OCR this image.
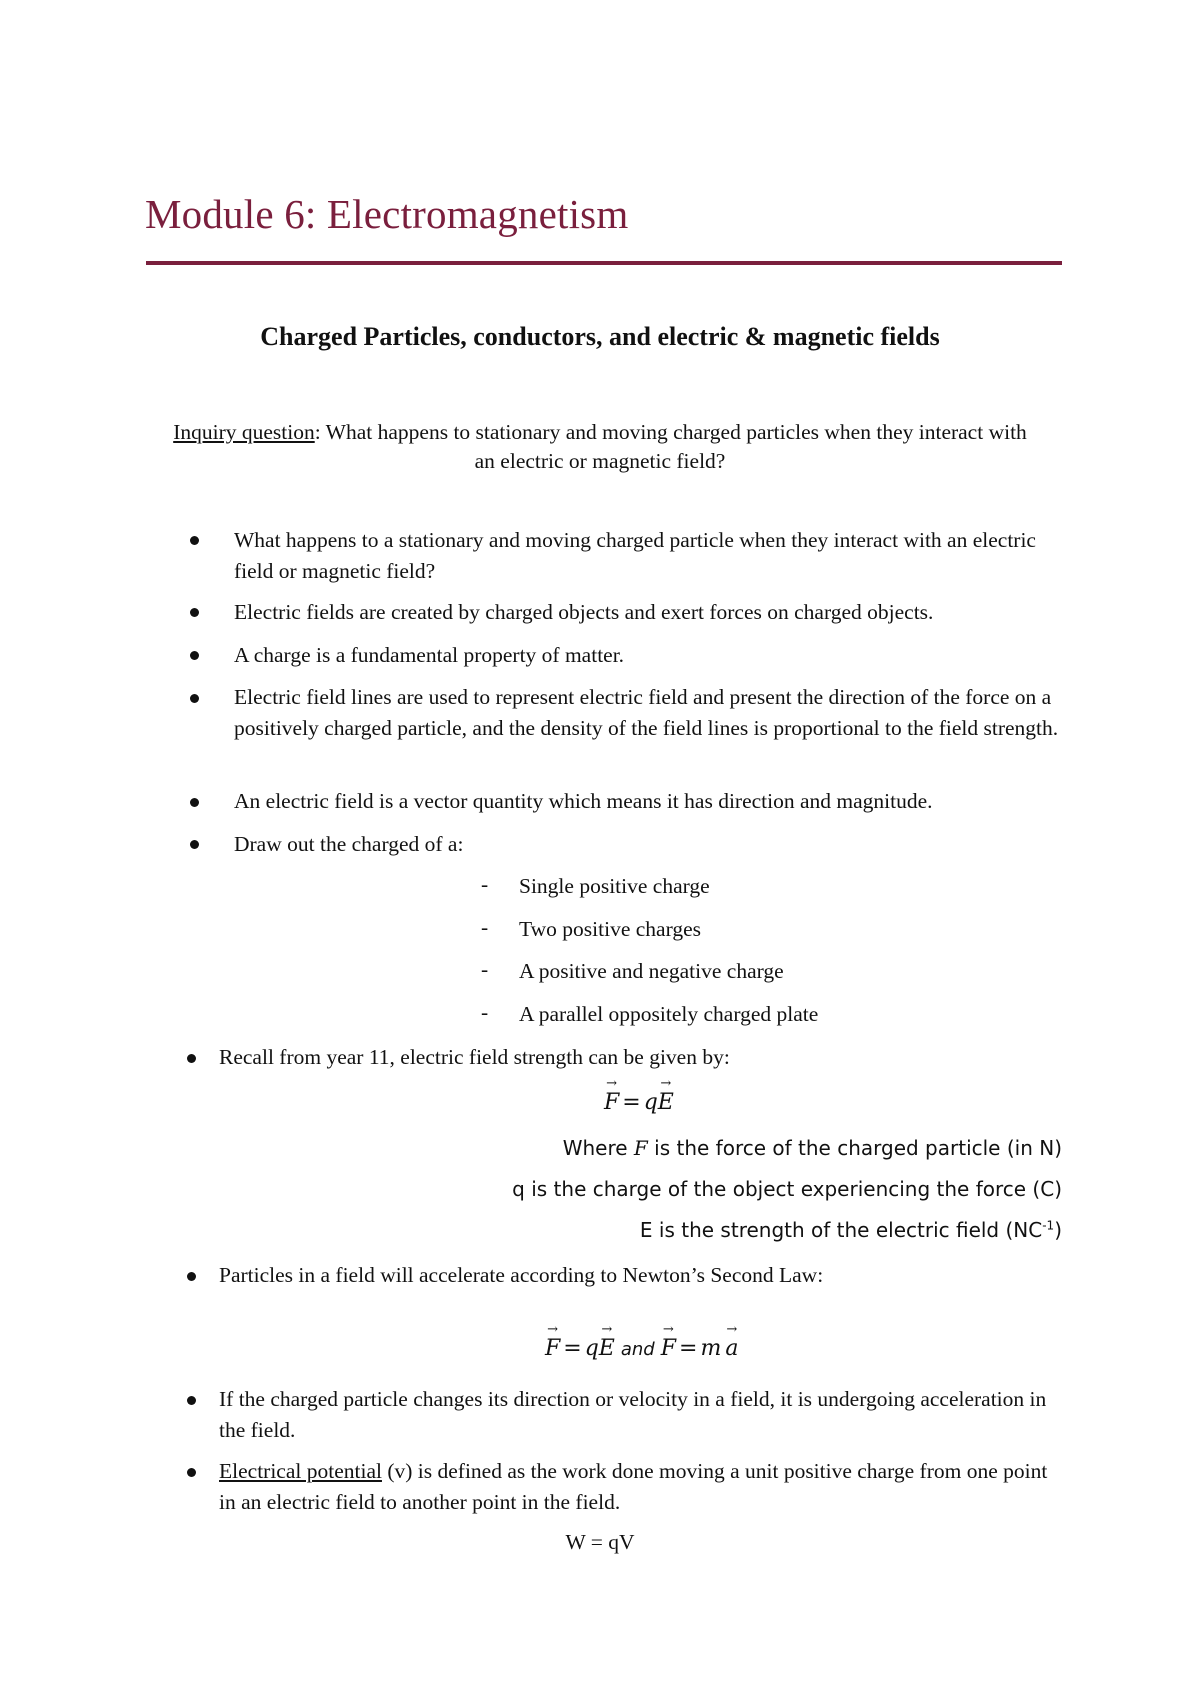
Module 6: Electromagnetism
Charged Particles, conductors, and electric & magnetic fields

Inquiry question: What happens to stationary and moving charged particles when they interact with an electric or magnetic field?

What happens to a stationary and moving charged particle when they interact with an electric field or magnetic field?
Electric fields are created by charged objects and exert forces on charged objects.
A charge is a fundamental property of matter.
Electric field lines are used to represent electric field and present the direction of the force on a positively charged particle, and the density of the field lines is proportional to the field strength.
An electric field is a vector quantity which means it has direction and magnitude.
Draw out the charged of a:
- Single positive charge
- Two positive charges
- A positive and negative charge
- A parallel oppositely charged plate
Recall from year 11, electric field strength can be given by:
→ F = q→ E
Where F is the force of the charged particle (in N)
q is the charge of the object experiencing the force (C)
E is the strength of the electric field $(NC^{-1})$
Particles in a field will accelerate according to Newton’s Second Law:
→ F = q→ E and → F = m → a
If the charged particle changes its direction or velocity in a field, it is undergoing acceleration in the field.
Electrical potential (v) is defined as the work done moving a unit positive charge from one point in an electric field to another point in the field.
W = qV
